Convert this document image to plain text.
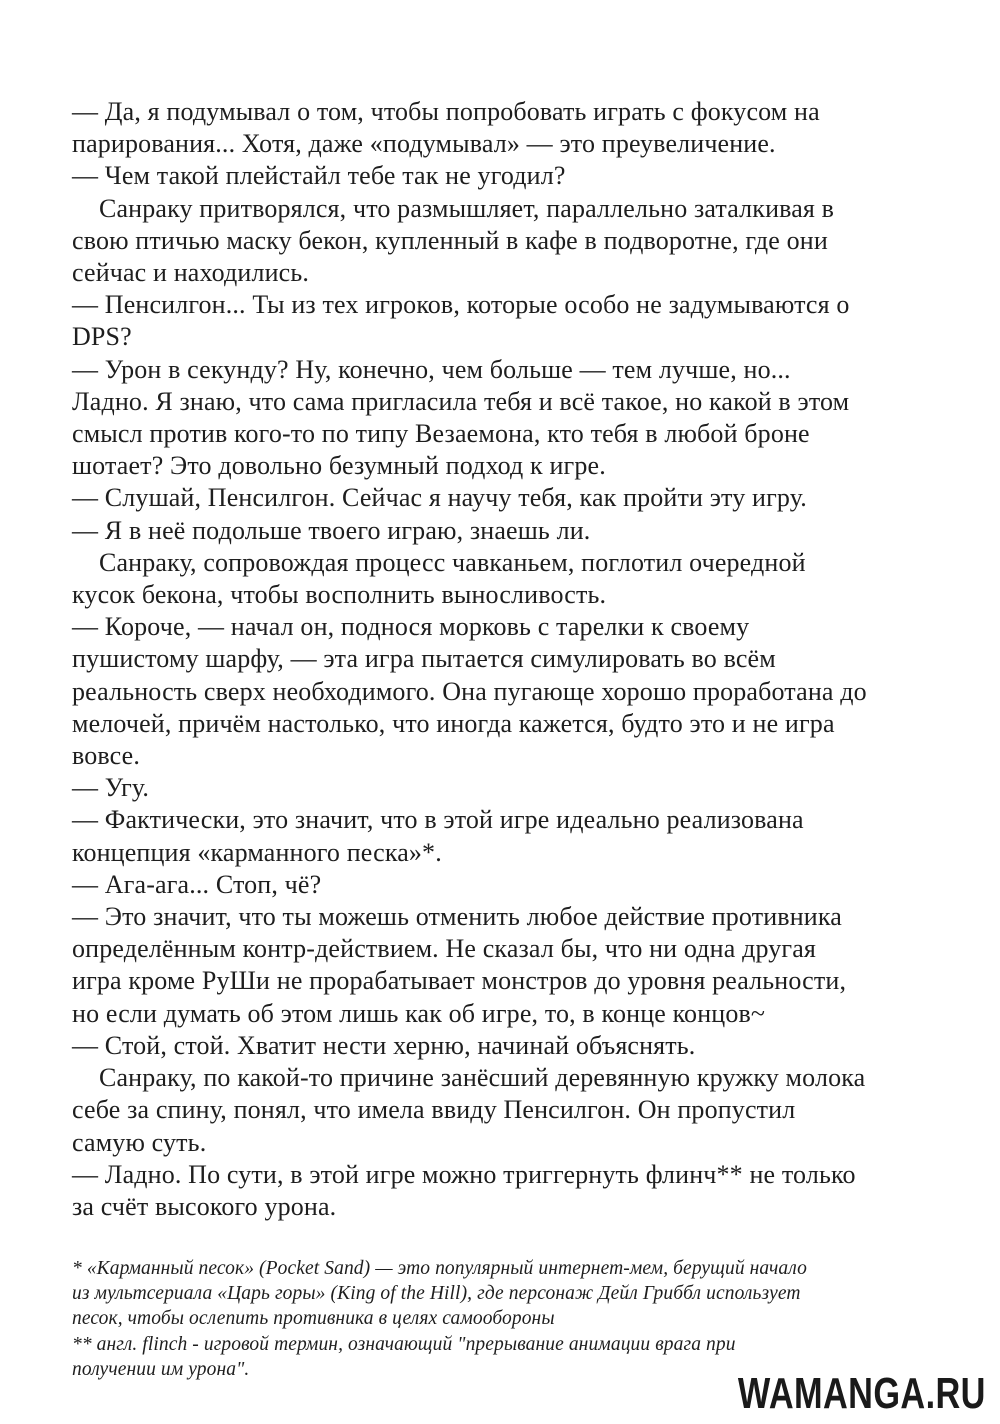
— Да, я подумывал о том, чтобы попробовать играть с фокусом на
парирования... Хотя, даже «подумывал» — это преувеличение.
— Чем такой плейстайл тебе так не угодил?
Санраку притворялся, что размышляет, параллельно заталкивая в
свою птичью маску бекон, купленный в кафе в подворотне, где они
сейчас и находились.
— Пенсилгон... Ты из тех игроков, которые особо не задумываются о
DPS?
— Урон в секунду? Ну, конечно, чем больше — тем лучше, но...
Ладно. Я знаю, что сама пригласила тебя и всё такое, но какой в этом
смысл против кого-то по типу Везаемона, кто тебя в любой броне
шотает? Это довольно безумный подход к игре.
— Слушай, Пенсилгон. Сейчас я научу тебя, как пройти эту игру.
— Я в неё подольше твоего играю, знаешь ли.
Санраку, сопровождая процесс чавканьем, поглотил очередной
кусок бекона, чтобы восполнить выносливость.
— Короче, — начал он, поднося морковь с тарелки к своему
пушистому шарфу, — эта игра пытается симулировать во всём
реальность сверх необходимого. Она пугающе хорошо проработана до
мелочей, причём настолько, что иногда кажется, будто это и не игра
вовсе.
— Угу.
— Фактически, это значит, что в этой игре идеально реализована
концепция «карманного песка»*.
— Ага-ага... Стоп, чё?
— Это значит, что ты можешь отменить любое действие противника
определённым контр-действием. Не сказал бы, что ни одна другая
игра кроме РуШи не прорабатывает монстров до уровня реальности,
но если думать об этом лишь как об игре, то, в конце концов~
— Стой, стой. Хватит нести херню, начинай объяснять.
Санраку, по какой-то причине занёсший деревянную кружку молока
себе за спину, понял, что имела ввиду Пенсилгон. Он пропустил
самую суть.
— Ладно. По сути, в этой игре можно триггернуть флинч** не только
за счёт высокого урона.
* «Карманный песок» (Pocket Sand) — это популярный интернет-мем, берущий начало
из мультсериала «Царь горы» (King of the Hill), где персонаж Дейл Гриббл использует
песок, чтобы ослепить противника в целях самообороны
** англ. flinch - игровой термин, означающий "прерывание анимации врага при
получении им урона".	WAMANGA.RU
